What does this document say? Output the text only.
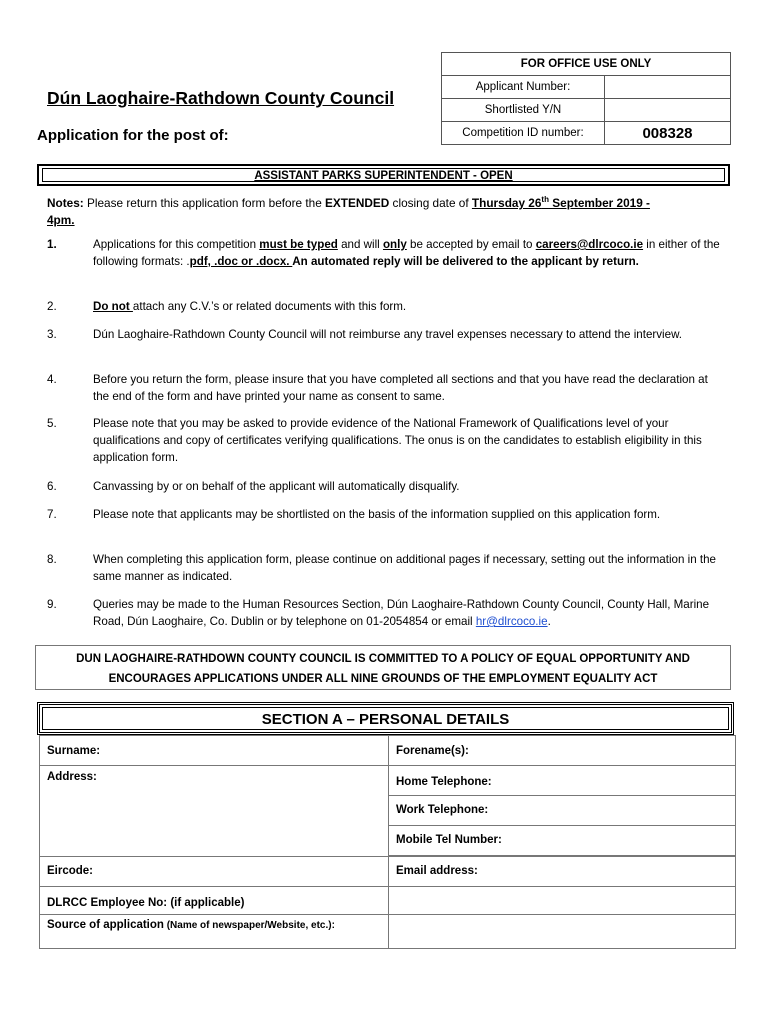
FOR OFFICE USE ONLY	
Applicant Number:	
Shortlisted Y/N	
Competition ID number:	008328
Dún Laoghaire-Rathdown County Council
Application for the post of:
ASSISTANT PARKS SUPERINTENDENT - OPEN
Notes: Please return this application form before the EXTENDED closing date of Thursday 26th September 2019 -
4pm.
1.	Applications for this competition must be typed and will only be accepted by email to careers@dlrcoco.ie in either of the following formats: .pdf, .doc or .docx. An automated reply will be delivered to the applicant by return.
2.	Do not attach any C.V.’s or related documents with this form.
3.	Dún Laoghaire-Rathdown County Council will not reimburse any travel expenses necessary to attend the interview.
4.	Before you return the form, please insure that you have completed all sections and that you have read the declaration at the end of the form and have printed your name as consent to same.
5.	Please note that you may be asked to provide evidence of the National Framework of Qualifications level of your qualifications and copy of certificates verifying qualifications. The onus is on the candidates to establish eligibility in this application form.
6.	Canvassing by or on behalf of the applicant will automatically disqualify.
7.	Please note that applicants may be shortlisted on the basis of the information supplied on this application form.
8.	When completing this application form, please continue on additional pages if necessary, setting out the information in the same manner as indicated.
9.	Queries may be made to the Human Resources Section, Dún Laoghaire-Rathdown County Council, County Hall, Marine Road, Dún Laoghaire, Co. Dublin or by telephone on 01-2054854 or email hr@dlrcoco.ie.
DUN LAOGHAIRE-RATHDOWN COUNTY COUNCIL IS COMMITTED TO A POLICY OF EQUAL OPPORTUNITY AND
ENCOURAGES APPLICATIONS UNDER ALL NINE GROUNDS OF THE EMPLOYMENT EQUALITY ACT
SECTION A – PERSONAL DETAILS
Surname:	Forename(s):
Address:	Home Telephone:
	Work Telephone:
	Mobile Tel Number:

Eircode:	Email address:
DLRCC Employee No: (if applicable)	
Source of application (Name of newspaper/Website, etc.):	
